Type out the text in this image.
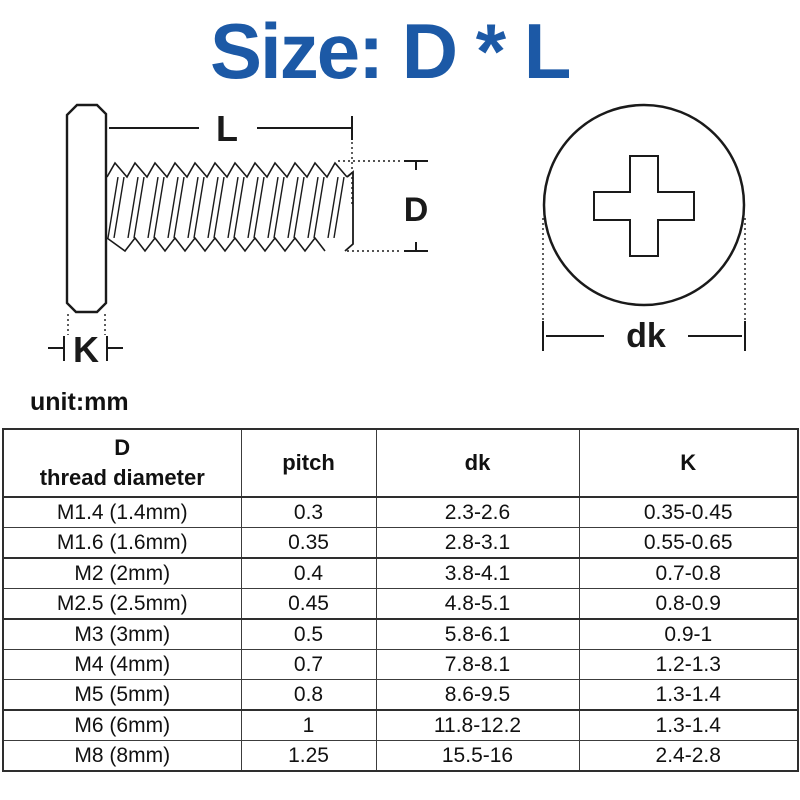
Size: D * L
L
D
K	dk
unit:mm
D
thread diameter	pitch	dk	K
M1.4 (1.4mm)	0.3	2.3-2.6	0.35-0.45
M1.6 (1.6mm)	0.35	2.8-3.1	0.55-0.65
M2 (2mm)	0.4	3.8-4.1	0.7-0.8
M2.5 (2.5mm)	0.45	4.8-5.1	0.8-0.9
M3 (3mm)	0.5	5.8-6.1	0.9-1
M4 (4mm)	0.7	7.8-8.1	1.2-1.3
M5 (5mm)	0.8	8.6-9.5	1.3-1.4
M6 (6mm)	1	11.8-12.2	1.3-1.4
M8 (8mm)	1.25	15.5-16	2.4-2.8
